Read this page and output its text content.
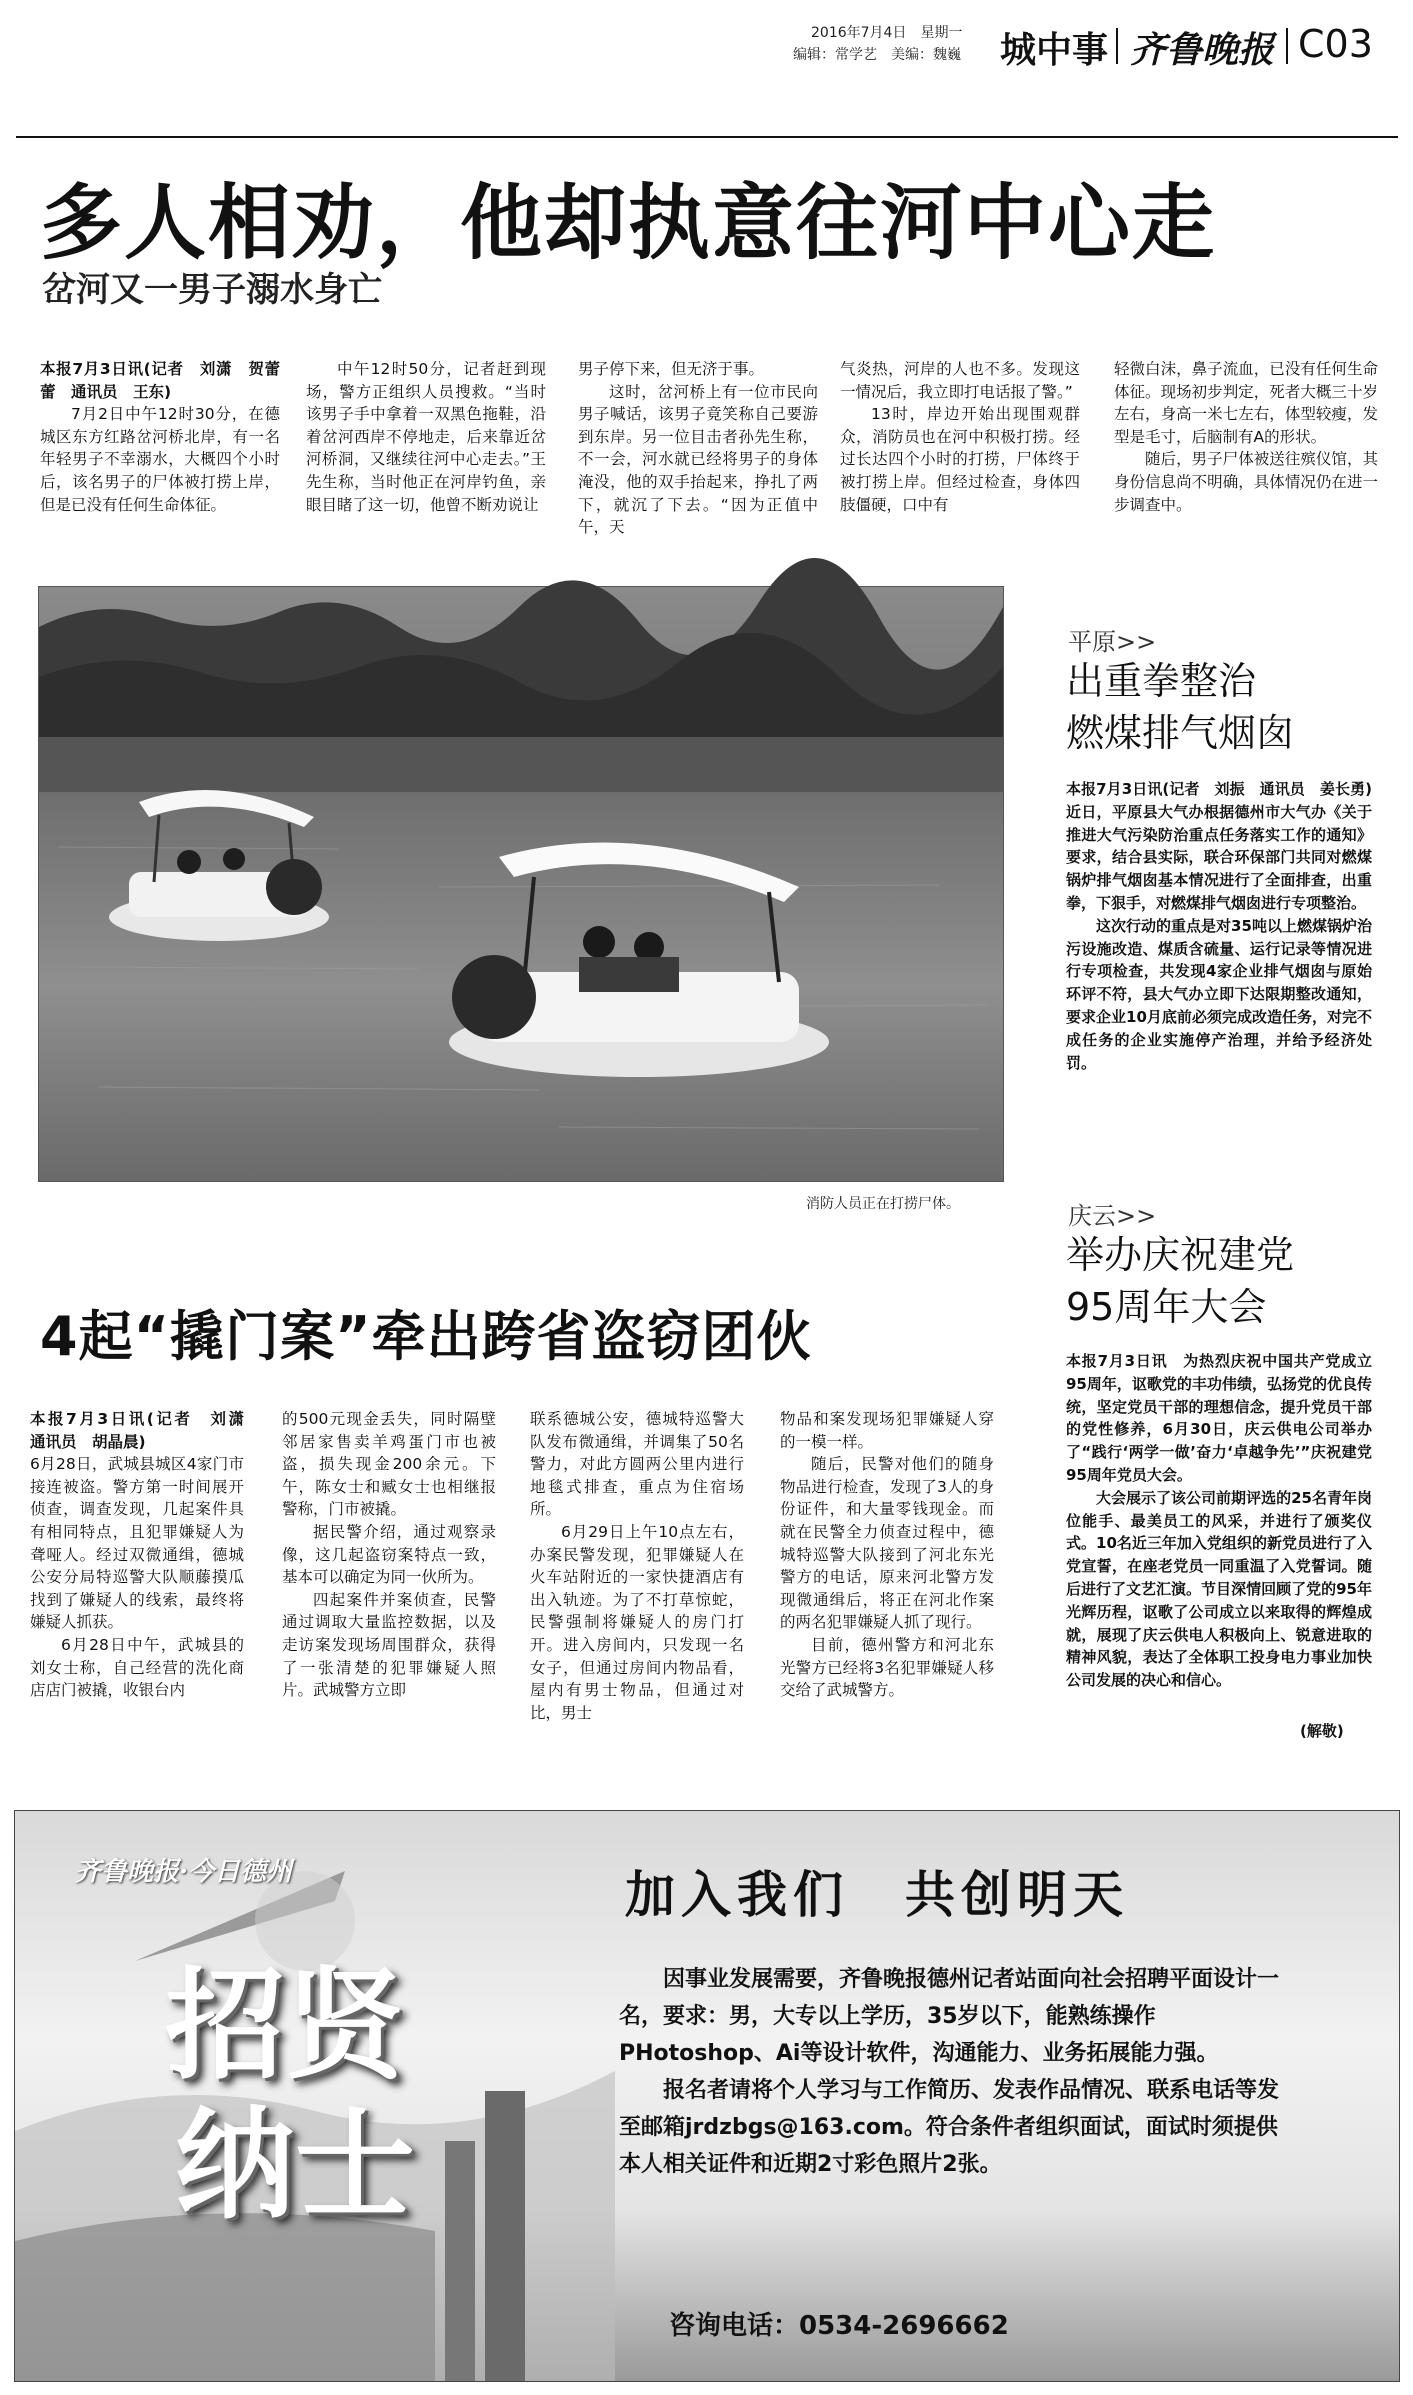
2016年7月4日　星期一
编辑：常学艺　美编：魏巍	城中事 齐鲁晚报 C03
多人相劝，他却执意往河中心走
岔河又一男子溺水身亡

本报7月3日讯(记者　刘潇　贺蕾蕾　通讯员　王东)

7月2日中午12时30分，在德城区东方红路岔河桥北岸，有一名年轻男子不幸溺水，大概四个小时后，该名男子的尸体被打捞上岸，但是已没有任何生命体征。

中午12时50分，记者赶到现场，警方正组织人员搜救。“当时该男子手中拿着一双黑色拖鞋，沿着岔河西岸不停地走，后来靠近岔河桥洞，又继续往河中心走去。”王先生称，当时他正在河岸钓鱼，亲眼目睹了这一切，他曾不断劝说让

男子停下来，但无济于事。

这时，岔河桥上有一位市民向男子喊话，该男子竟笑称自己要游到东岸。另一位目击者孙先生称，不一会，河水就已经将男子的身体淹没，他的双手抬起来，挣扎了两下，就沉了下去。“因为正值中午，天

气炎热，河岸的人也不多。发现这一情况后，我立即打电话报了警。”

13时，岸边开始出现围观群众，消防员也在河中积极打捞。经过长达四个小时的打捞，尸体终于被打捞上岸。但经过检查，身体四肢僵硬，口中有

轻微白沫，鼻子流血，已没有任何生命体征。现场初步判定，死者大概三十岁左右，身高一米七左右，体型较瘦，发型是毛寸，后脑制有A的形状。

随后，男子尸体被送往殡仪馆，其身份信息尚不明确，具体情况仍在进一步调查中。

消防人员正在打捞尸体。
平原>>
出重拳整治
燃煤排气烟囱

本报7月3日讯(记者　刘振　通讯员　姜长勇)　近日，平原县大气办根据德州市大气办《关于推进大气污染防治重点任务落实工作的通知》要求，结合县实际，联合环保部门共同对燃煤锅炉排气烟囱基本情况进行了全面排查，出重拳，下狠手，对燃煤排气烟囱进行专项整治。

这次行动的重点是对35吨以上燃煤锅炉治污设施改造、煤质含硫量、运行记录等情况进行专项检查，共发现4家企业排气烟囱与原始环评不符，县大气办立即下达限期整改通知，要求企业10月底前必须完成改造任务，对完不成任务的企业实施停产治理，并给予经济处罚。

庆云>>
举办庆祝建党
95周年大会

本报7月3日讯　为热烈庆祝中国共产党成立95周年，讴歌党的丰功伟绩，弘扬党的优良传统，坚定党员干部的理想信念，提升党员干部的党性修养，6月30日，庆云供电公司举办了“践行‘两学一做’奋力‘卓越争先’”庆祝建党95周年党员大会。

大会展示了该公司前期评选的25名青年岗位能手、最美员工的风采，并进行了颁奖仪式。10名近三年加入党组织的新党员进行了入党宣誓，在座老党员一同重温了入党誓词。随后进行了文艺汇演。节目深情回顾了党的95年光辉历程，讴歌了公司成立以来取得的辉煌成就，展现了庆云供电人积极向上、锐意进取的精神风貌，表达了全体职工投身电力事业加快公司发展的决心和信心。

(解敬)
4起“撬门案”牵出跨省盗窃团伙

本报7月3日讯(记者　刘潇　通讯员　胡晶晨)

6月28日，武城县城区4家门市接连被盗。警方第一时间展开侦查，调查发现，几起案件具有相同特点，且犯罪嫌疑人为聋哑人。经过双微通缉，德城公安分局特巡警大队顺藤摸瓜找到了嫌疑人的线索，最终将嫌疑人抓获。

6月28日中午，武城县的刘女士称，自己经营的洗化商店店门被撬，收银台内

的500元现金丢失，同时隔壁邻居家售卖羊鸡蛋门市也被盗，损失现金200余元。下午，陈女士和臧女士也相继报警称，门市被撬。

据民警介绍，通过观察录像，这几起盗窃案特点一致，基本可以确定为同一伙所为。

四起案件并案侦查，民警通过调取大量监控数据，以及走访案发现场周围群众，获得了一张清楚的犯罪嫌疑人照片。武城警方立即

联系德城公安，德城特巡警大队发布微通缉，并调集了50名警力，对此方圆两公里内进行地毯式排查，重点为住宿场所。

6月29日上午10点左右，办案民警发现，犯罪嫌疑人在火车站附近的一家快捷酒店有出入轨迹。为了不打草惊蛇，民警强制将嫌疑人的房门打开。进入房间内，只发现一名女子，但通过房间内物品看，屋内有男士物品，但通过对比，男士

物品和案发现场犯罪嫌疑人穿的一模一样。

随后，民警对他们的随身物品进行检查，发现了3人的身份证件，和大量零钱现金。而就在民警全力侦查过程中，德城特巡警大队接到了河北东光警方的电话，原来河北警方发现微通缉后，将正在河北作案的两名犯罪嫌疑人抓了现行。

目前，德州警方和河北东光警方已经将3名犯罪嫌疑人移交给了武城警方。

齐鲁晚报·今日德州
招贤
纳士
加入我们　共创明天

因事业发展需要，齐鲁晚报德州记者站面向社会招聘平面设计一名，要求：男，大专以上学历，35岁以下，能熟练操作PHotoshop、Ai等设计软件，沟通能力、业务拓展能力强。

报名者请将个人学习与工作简历、发表作品情况、联系电话等发至邮箱jrdzbgs@163.com。符合条件者组织面试，面试时须提供本人相关证件和近期2寸彩色照片2张。

咨询电话：0534-2696662
